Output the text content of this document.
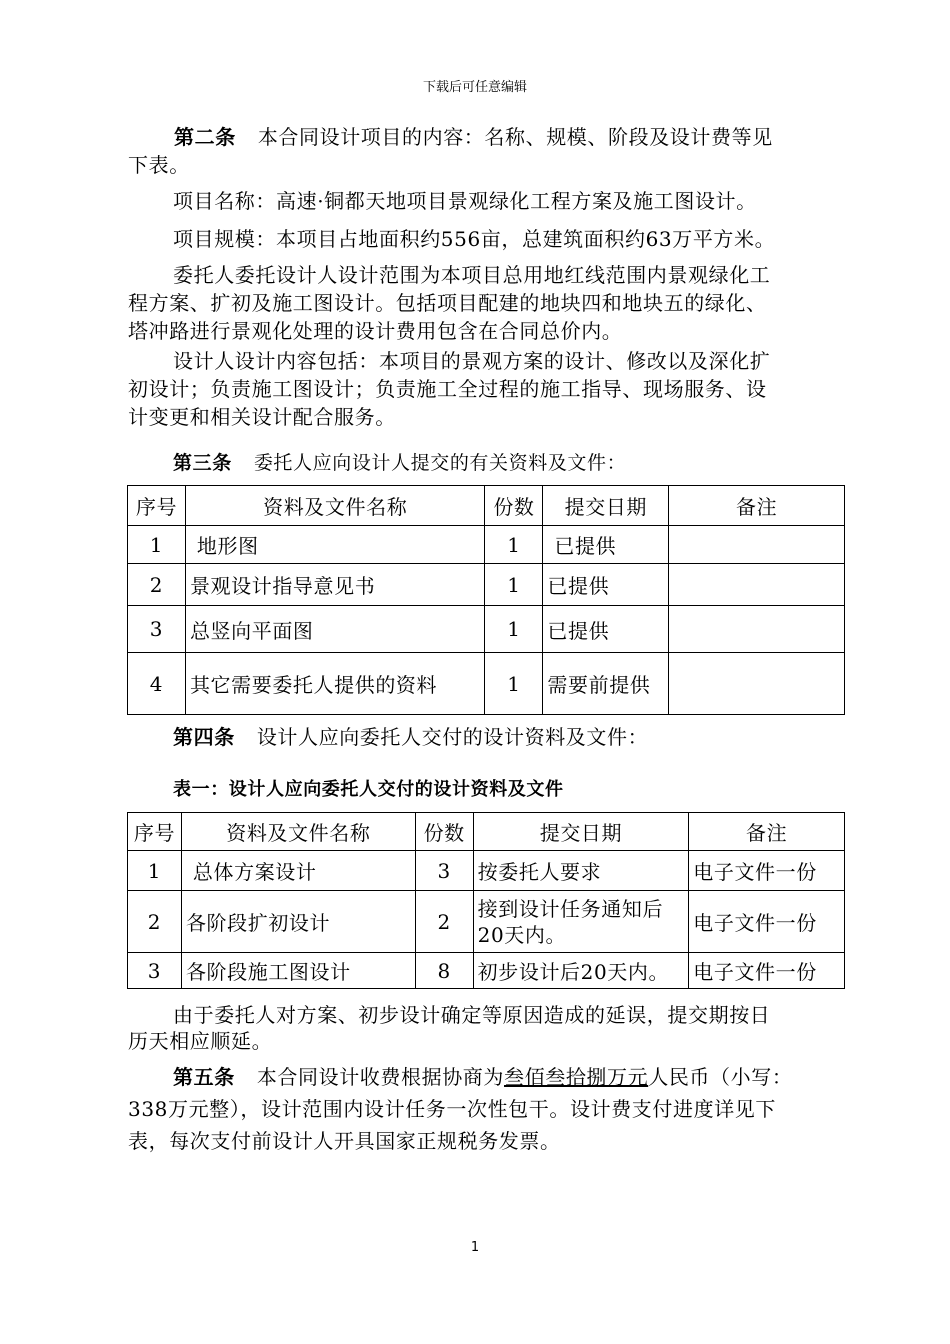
下载后可任意编辑
第二条 本合同设计项目的内容：名称、规模、阶段及设计费等见
下表。
项目名称：高速·铜都天地项目景观绿化工程方案及施工图设计。
项目规模：本项目占地面积约556亩，总建筑面积约63万平方米。
委托人委托设计人设计范围为本项目总用地红线范围内景观绿化工
程方案、扩初及施工图设计。包括项目配建的地块四和地块五的绿化、
塔冲路进行景观化处理的设计费用包含在合同总价内。
设计人设计内容包括：本项目的景观方案的设计、修改以及深化扩
初设计；负责施工图设计；负责施工全过程的施工指导、现场服务、设
计变更和相关设计配合服务。
第三条 委托人应向设计人提交的有关资料及文件：
序号	资料及文件名称	份数	提交日期	备注
1	地形图	1	已提供	
2	景观设计指导意见书	1	已提供	
3	总竖向平面图	1	已提供	
4	其它需要委托人提供的资料	1	需要前提供	
第四条 设计人应向委托人交付的设计资料及文件：
表一：设计人应向委托人交付的设计资料及文件
序号	资料及文件名称	份数	提交日期	备注
1	总体方案设计	3	按委托人要求	电子文件一份
2	各阶段扩初设计	2	接到设计任务通知后20天内。	电子文件一份
3	各阶段施工图设计	8	初步设计后20天内。	电子文件一份
由于委托人对方案、初步设计确定等原因造成的延误，提交期按日
历天相应顺延。
第五条 本合同设计收费根据协商为叁佰叁拾捌万元人民币（小写：
338万元整），设计范围内设计任务一次性包干。设计费支付进度详见下
表，每次支付前设计人开具国家正规税务发票。
1
